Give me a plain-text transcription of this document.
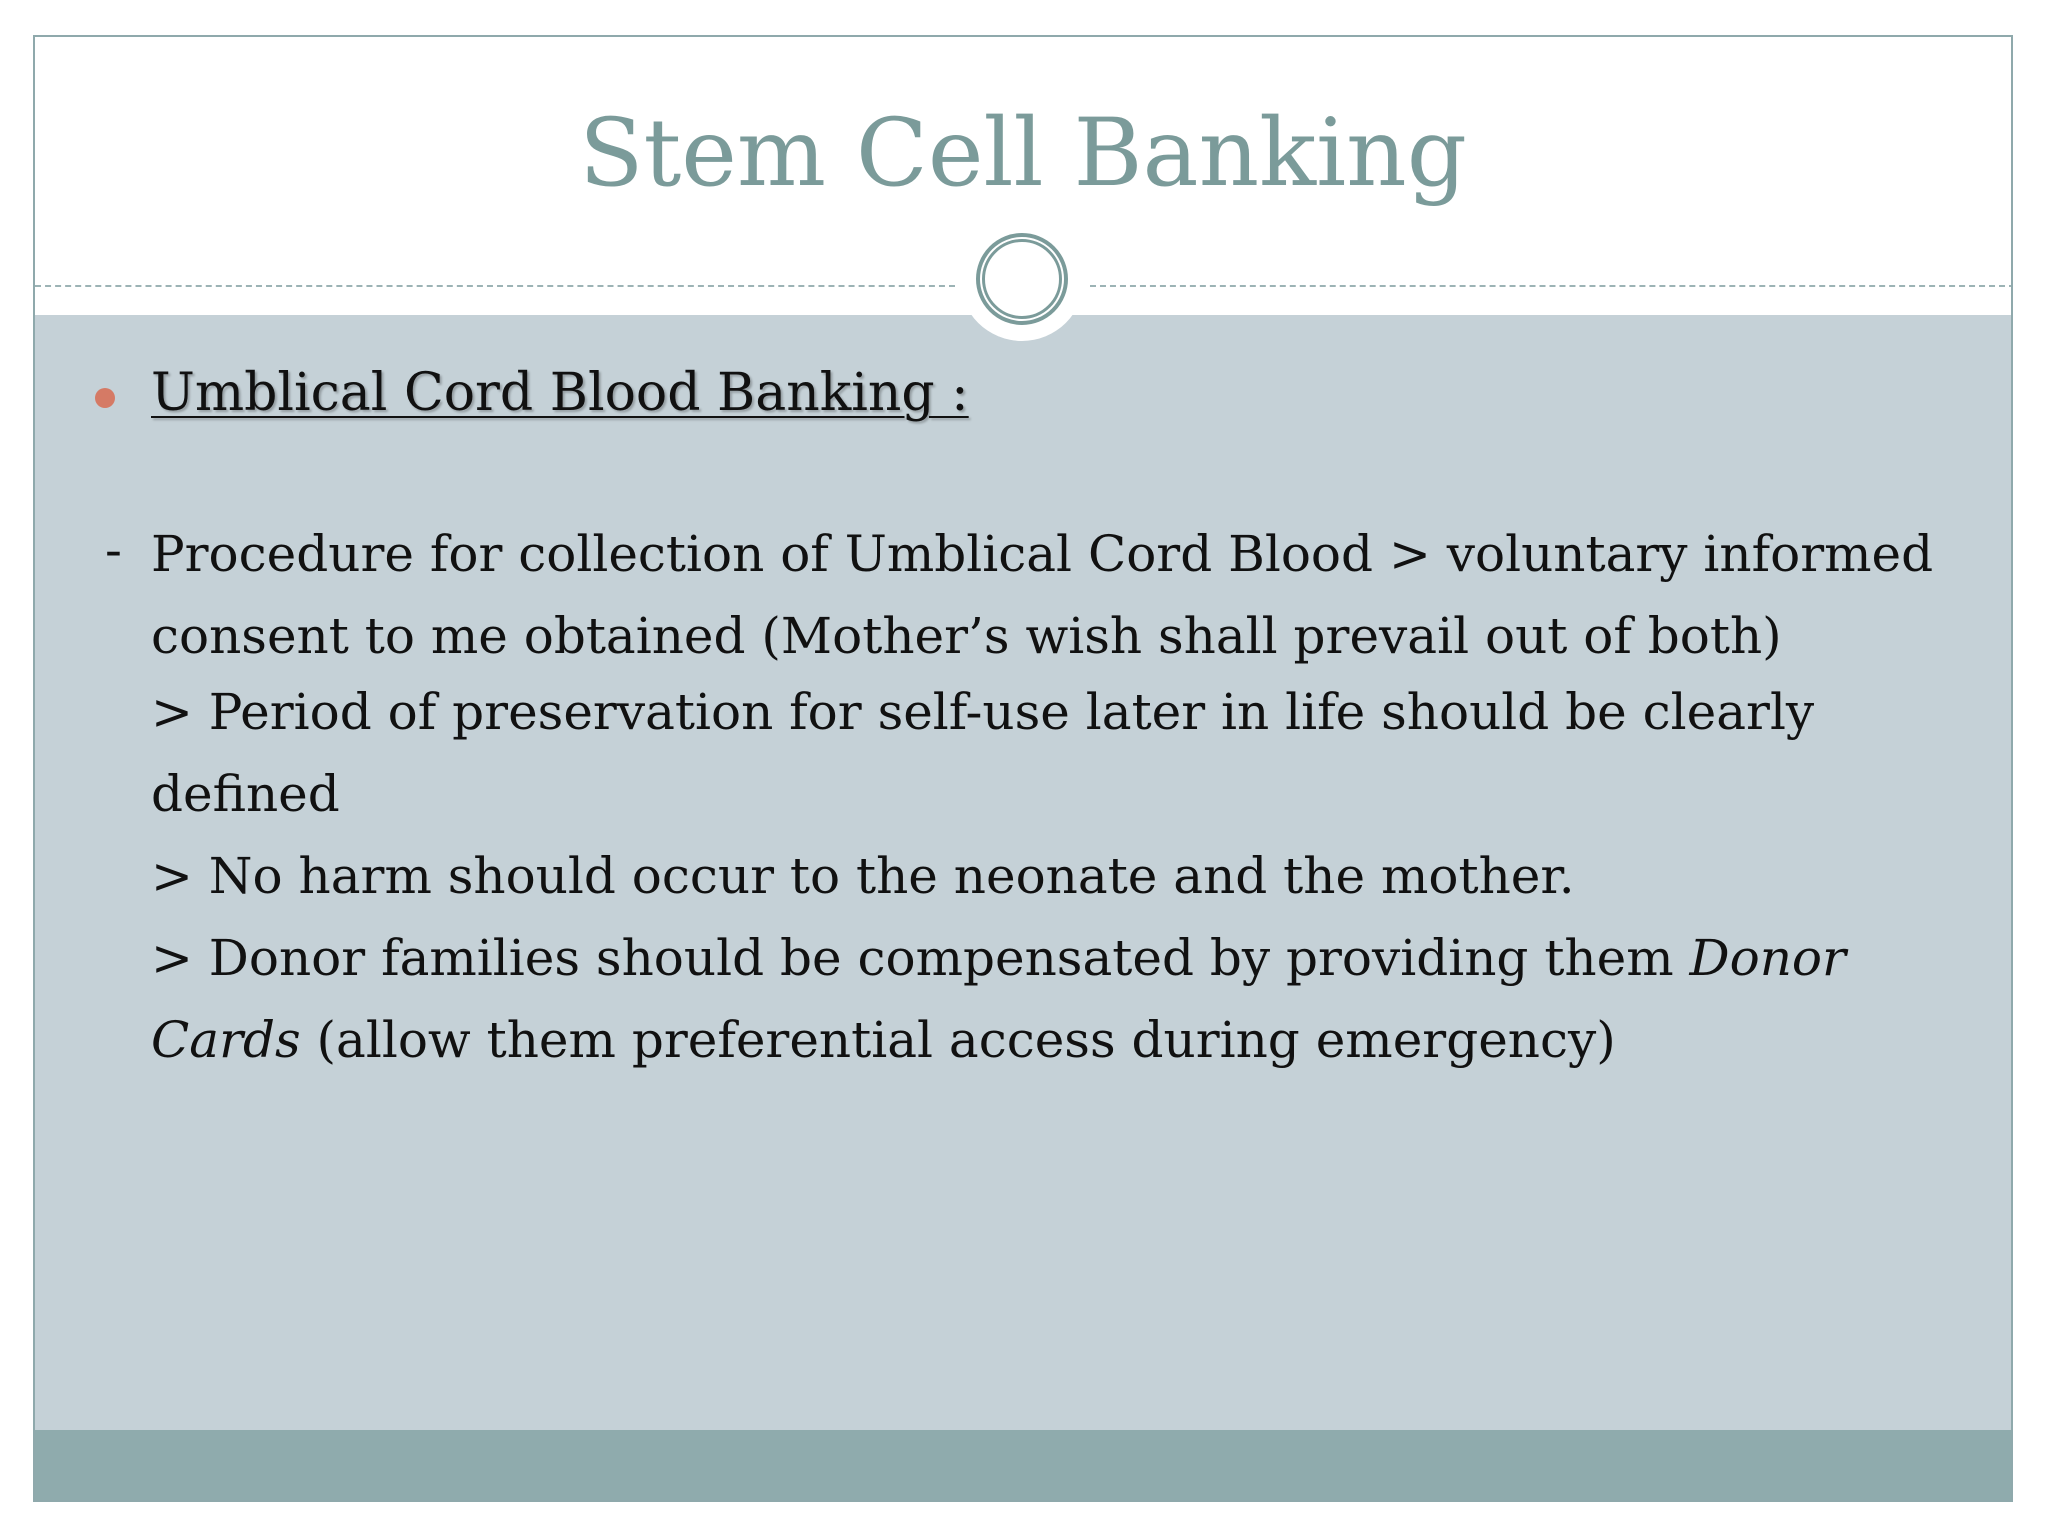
Stem Cell Banking
Umblical Cord Blood Banking :
- Procedure for collection of Umblical Cord Blood > voluntary informed

consent to me obtained (Mother’s wish shall prevail out of both)

> Period of preservation for self-use later in life should be clearly

defined

> No harm should occur to the neonate and the mother.

> Donor families should be compensated by providing them Donor

Cards (allow them preferential access during emergency)
